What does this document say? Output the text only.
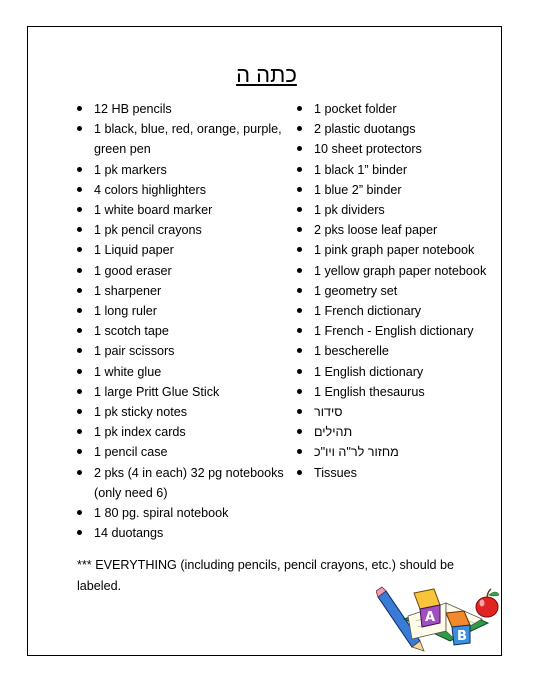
כתה ה
12 HB pencils
1 black, blue, red, orange, purple, green pen
1 pk markers
4 colors highlighters
1 white board marker
1 pk pencil crayons
1 Liquid paper
1 good eraser
1 sharpener
1 long ruler
1 scotch tape
1 pair scissors
1 white glue
1 large Pritt Glue Stick
1 pk sticky notes
1 pk index cards
1 pencil case
2 pks (4 in each) 32 pg notebooks (only need 6)
1 80 pg. spiral notebook
14 duotangs
1 pocket folder
2 plastic duotangs
10 sheet protectors
1 black 1” binder
1 blue 2” binder
1 pk dividers
2 pks loose leaf paper
1 pink graph paper notebook
1 yellow graph paper notebook
1 geometry set
1 French dictionary
1 French - English dictionary
1 bescherelle
1 English dictionary
1 English thesaurus
סידור
תהילים
מחזור לר"ה ויו"כ
Tissues
*** EVERYTHING (including pencils, pencil crayons, etc.) should be labeled.
A
B
